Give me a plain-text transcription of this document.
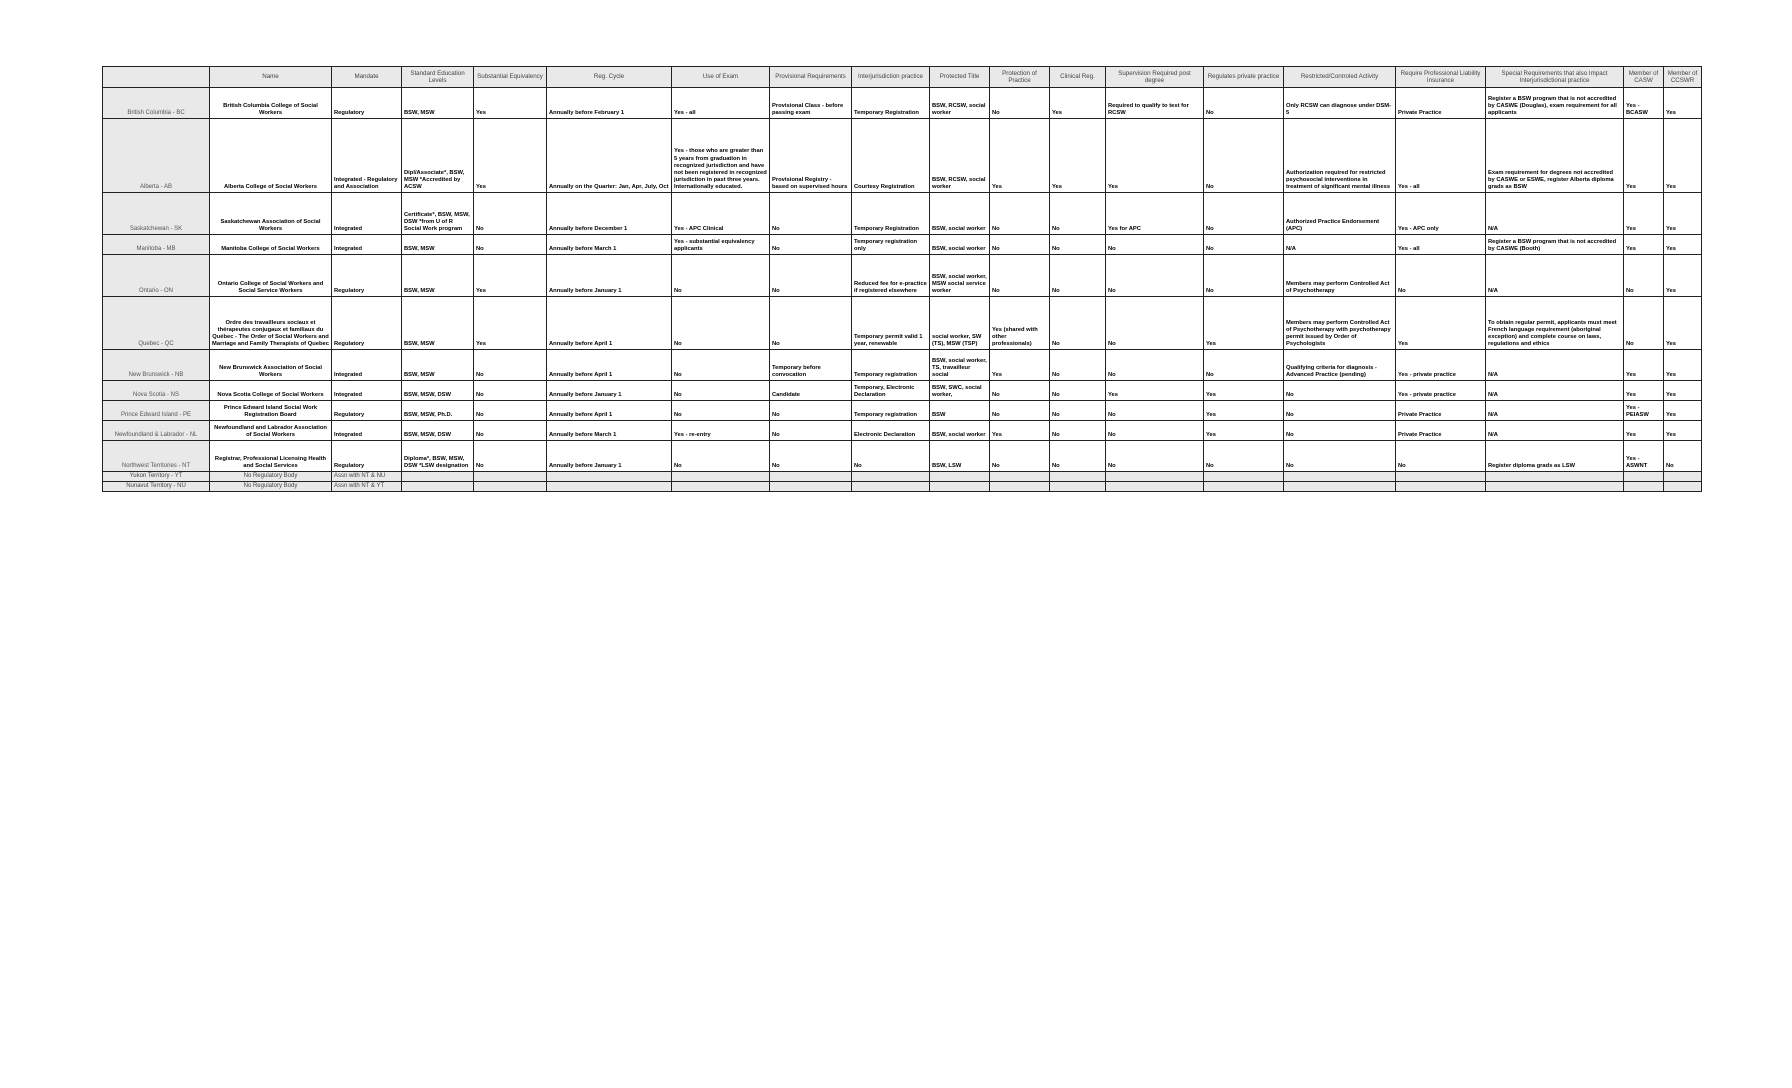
	Name	Mandate	Standard Education Levels	Substantial Equivalency	Reg. Cycle	Use of Exam	Provisional Requirements	Interjurisdiction practice	Protected Title	Protection of Practice	Clinical Reg.	Supervision Required post degree	Regulates private practice	Restricted/Controled Activity	Require Professional Liability Insurance	Special Requirements that also Impact Interjurisdictional practice	Member of CASW	Member of CCSWR
British Columbia - BC	British Columbia College of Social Workers	Regulatory	BSW, MSW	Yes	Annually before February 1	Yes - all	Provisional Class - before passing exam	Temporary Registration	BSW, RCSW, social worker	No	Yes	Required to qualify to test for RCSW	No	Only RCSW can diagnose under DSM-5	Private Practice	Register a BSW program that is not accredited by CASWE (Douglas), exam requirement for all applicants	Yes - BCASW	Yes
Alberta - AB	Alberta College of Social Workers	Integrated - Regulatory and Association	Dipl/Associate*, BSW, MSW *Accredited by ACSW	Yes	Annually on the Quarter: Jan, Apr, July, Oct	Yes - those who are greater than 5 years from graduation in recognized jurisdiction and have not been registered in recognized jurisdiction in past three years. Internationally educated.	Provisional Registry - based on supervised hours	Courtesy Registration	BSW, RCSW, social worker	Yes	Yes	Yes	No	Authorization required for restricted psychosocial interventions in treatment of significant mental illness	Yes - all	Exam requirement for degrees not accredited by CASWE or ESWE, register Alberta diploma grads as BSW	Yes	Yes
Saskatchewan - SK	Saskatchewan Association of Social Workers	Integrated	Certificate*, BSW, MSW, DSW *from U of R Social Work program	No	Annually before December 1	Yes - APC Clinical	No	Temporary Registration	BSW, social worker	No	No	Yes for APC	No	Authorized Practice Endorsement (APC)	Yes - APC only	N/A	Yes	Yes
Manitoba - MB	Manitoba College of Social Workers	Integrated	BSW, MSW	No	Annually before March 1	Yes - substantial equivalency applicants	No	Temporary registration only	BSW, social worker	No	No	No	No	N/A	Yes - all	Register a BSW program that is not accredited by CASWE (Booth)	Yes	Yes
Ontario - ON	Ontario College of Social Workers and Social Service Workers	Regulatory	BSW, MSW	Yes	Annually before January 1	No	No	Reduced fee for e-practice if registered elsewhere	BSW, social worker, MSW social service worker	No	No	No	No	Members may perform Controlled Act of Psychotherapy	No	N/A	No	Yes
Quebec - QC	Ordre des travailleurs sociaux et thérapeutes conjugaux et familiaux du Québec - The Order of Social Workers and Marriage and Family Therapists of Quebec	Regulatory	BSW, MSW	Yes	Annually before April 1	No	No	Temporary permit valid 1 year, renewable	social worker, SW (TS), MSW (TSP)	Yes (shared with other professionals)	No	No	Yes	Members may perform Controlled Act of Psychotherapy with psychotherapy permit issued by Order of Psychologists	Yes	To obtain regular permit, applicants must meet French language requirement (aboriginal exception) and complete course on laws, regulations and ethics	No	Yes
New Brunswick - NB	New Brunswick Association of Social Workers	Integrated	BSW, MSW	No	Annually before April 1	No	Temporary before convocation	Temporary registration	BSW, social worker, TS, travailleur social	Yes	No	No	No	Qualifying criteria for diagnosis - Advanced Practice (pending)	Yes - private practice	N/A	Yes	Yes
Nova Scotia - NS	Nova Scotia College of Social Workers	Integrated	BSW, MSW, DSW	No	Annually before January 1	No	Candidate	Temporary, Electronic Declaration	BSW, SWC, social worker,	No	No	Yes	Yes	No	Yes - private practice	N/A	Yes	Yes
Prince Edward Island - PE	Prince Edward Island Social Work Registration Board	Regulatory	BSW, MSW, Ph.D.	No	Annually before April 1	No	No	Temporary registration	BSW	No	No	No	Yes	No	Private Practice	N/A	Yes - PEIASW	Yes
Newfoundland & Labrador - NL	Newfoundland and Labrador Association of Social Workers	Integrated	BSW, MSW, DSW	No	Annually before March 1	Yes - re-entry	No	Electronic Declaration	BSW, social worker	Yes	No	No	Yes	No	Private Practice	N/A	Yes	Yes
Northwest Territories - NT	Registrar, Professional Licensing Health and Social Services	Regulatory	Diploma*, BSW, MSW, DSW *LSW designation	No	Annually before January 1	No	No	No	BSW, LSW	No	No	No	No	No	No	Register diploma grads as LSW	Yes - ASWNT	No
Yukon Territory - YT	No Regulatory Body	Assn with NT & NU																
Nunavut Territory - NU	No Regulatory Body	Assn with NT & YT																
